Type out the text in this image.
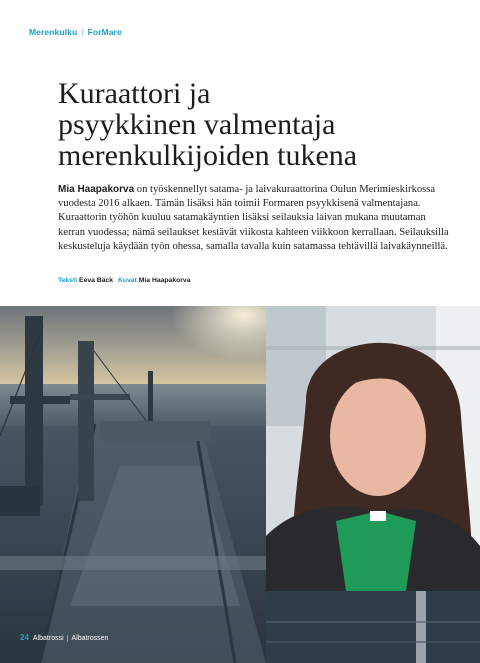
Merenkulku | ForMare
Kuraattori ja
psyykkinen valmentaja
merenkulkijoiden tukena

Mia Haapakorva on työskennellyt satama- ja laivakuraattorina Oulun Merimieskirkossa vuodesta 2016 alkaen. Tämän lisäksi hän toimii Formaren psyykkisenä valmentajana. Kuraattorin työhön kuuluu satamakäyntien lisäksi seilauksia laivan mukana muutaman kerran vuodessa; nämä seilaukset kestävät viikosta kahteen viikkoon kerrallaan. Seilauksilla keskusteluja käydään työn ohessa, samalla tavalla kuin satamassa tehtävillä laivakäynneillä.

Teksti Eeva Bäck Kuvat Mia Haapakorva
24 Albatrossi | Albatrossen
